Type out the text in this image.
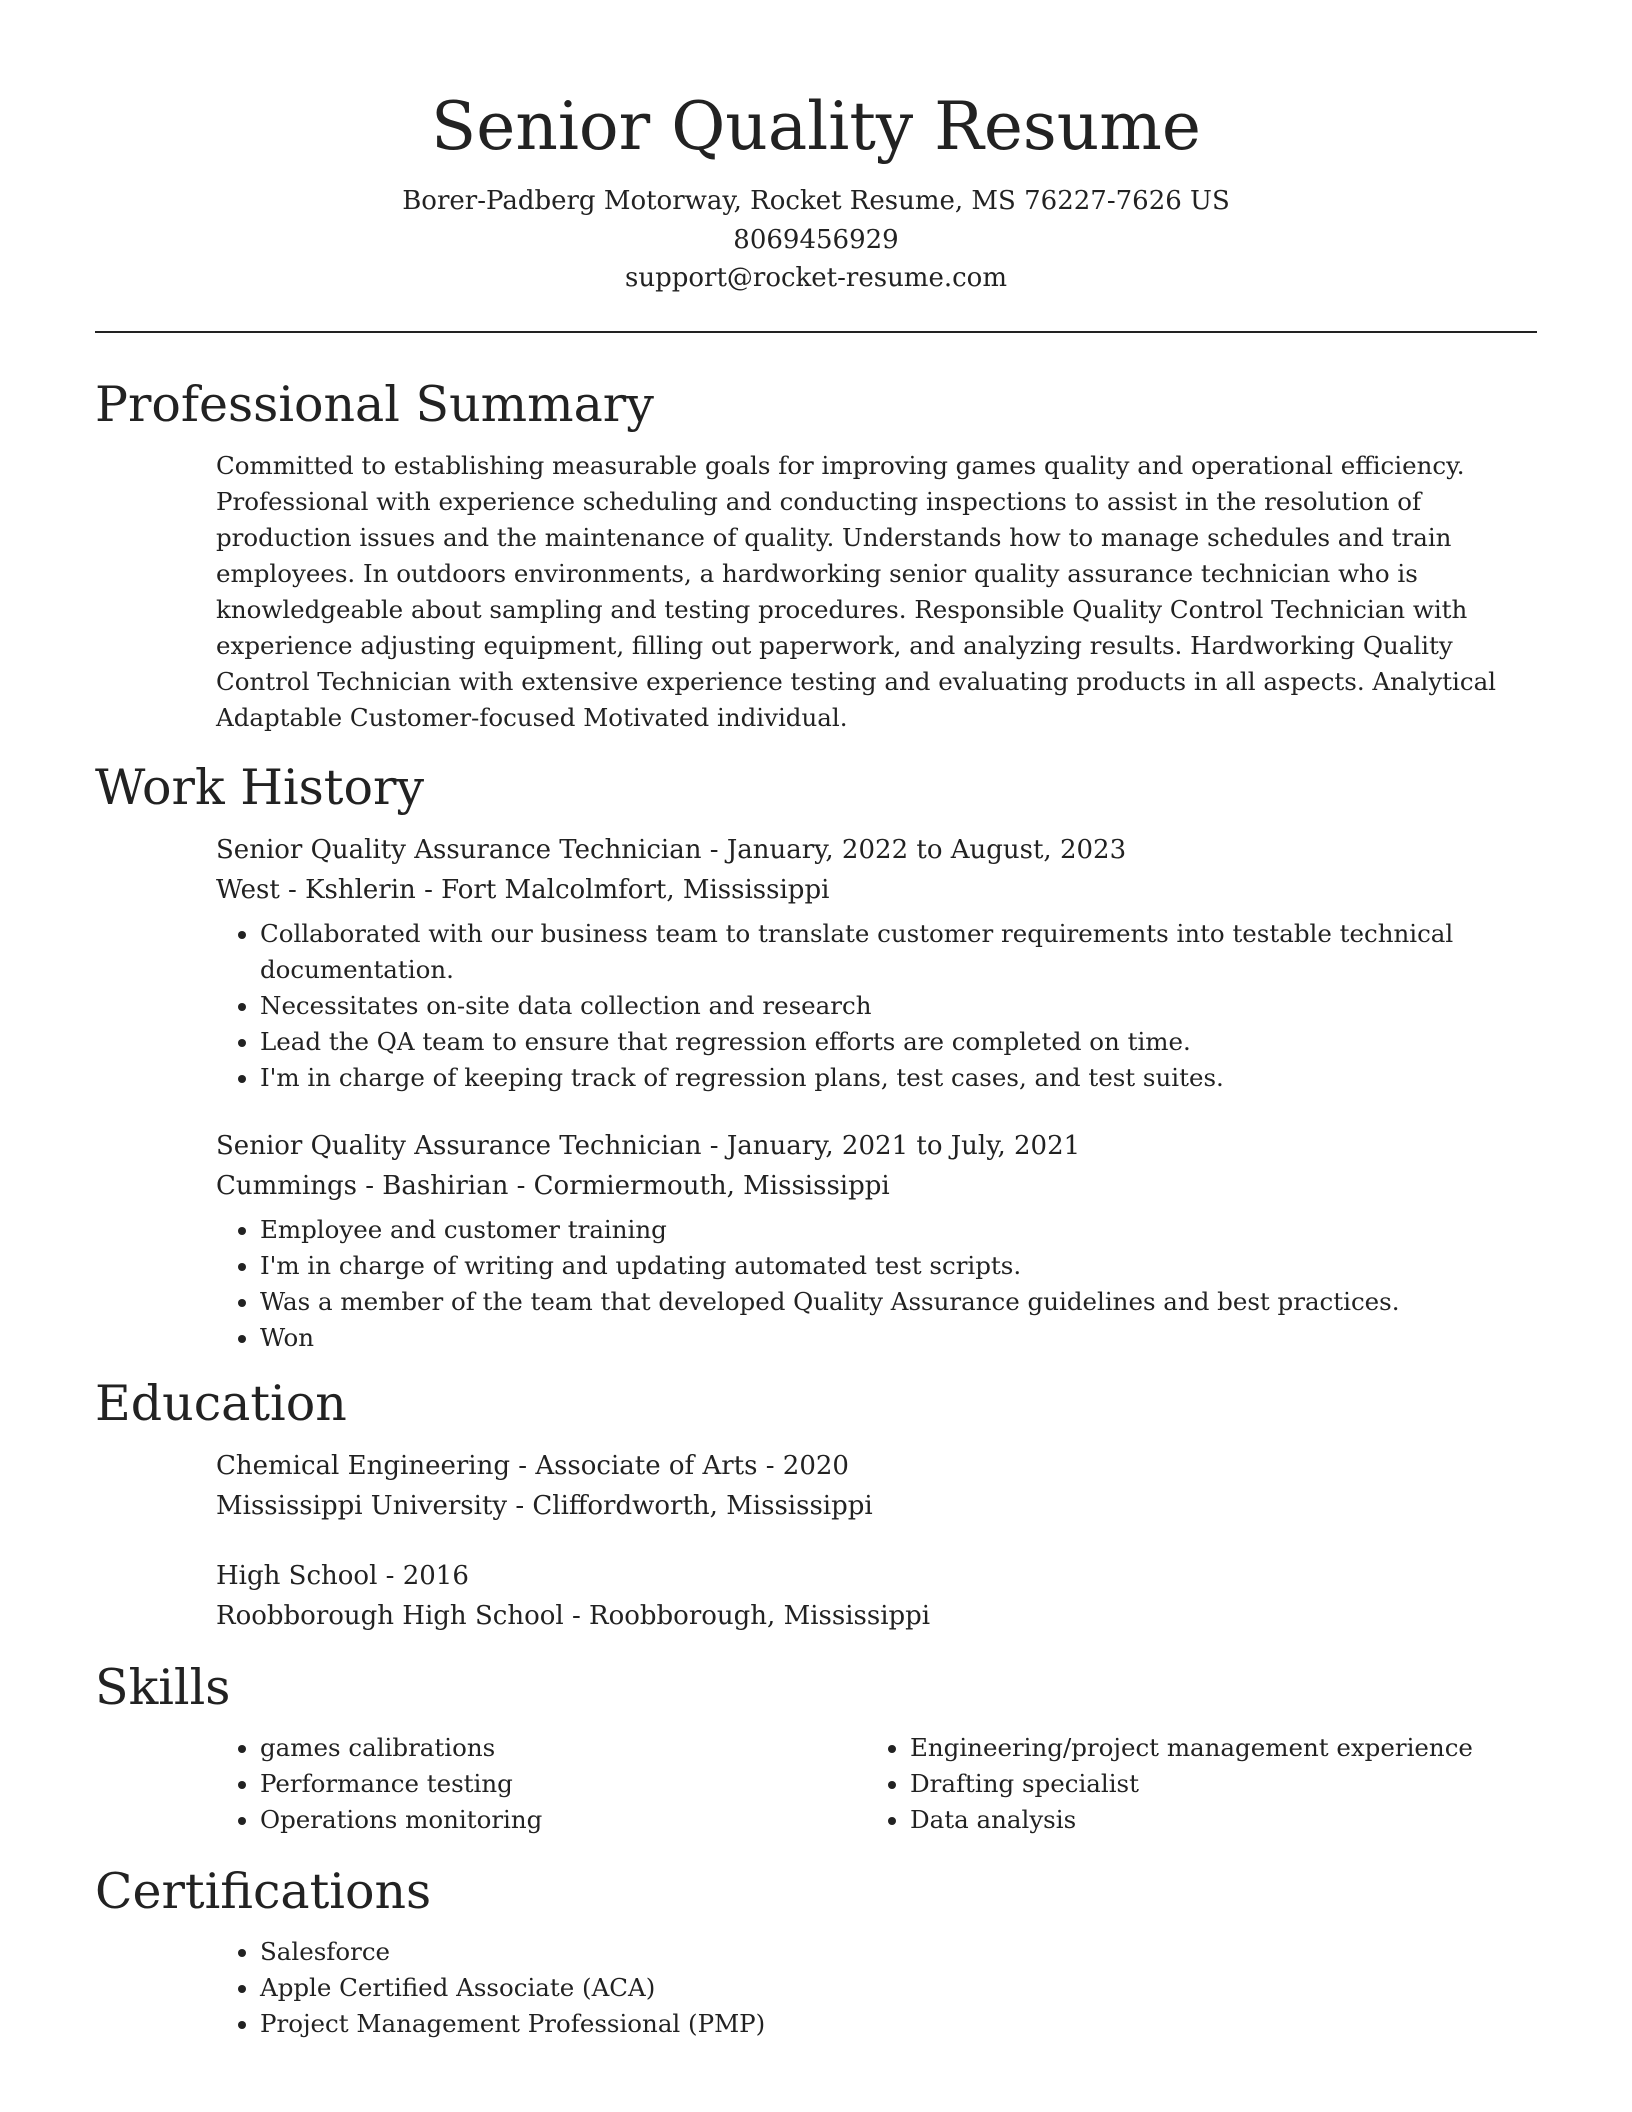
Senior Quality Resume
Borer-Padberg Motorway, Rocket Resume, MS 76227-7626 US
8069456929
support@rocket-resume.com
Professional Summary

Committed to establishing measurable goals for improving games quality and operational efficiency. Professional with experience scheduling and conducting inspections to assist in the resolution of production issues and the maintenance of quality. Understands how to manage schedules and train employees. In outdoors environments, a hardworking senior quality assurance technician who is knowledgeable about sampling and testing procedures. Responsible Quality Control Technician with experience adjusting equipment, filling out paperwork, and analyzing results. Hardworking Quality Control Technician with extensive experience testing and evaluating products in all aspects. Analytical Adaptable Customer-focused Motivated individual.

Work History
Senior Quality Assurance Technician - January, 2022 to August, 2023
West - Kshlerin - Fort Malcolmfort, Mississippi
• Collaborated with our business team to translate customer requirements into testable technical documentation.
• Necessitates on-site data collection and research
• Lead the QA team to ensure that regression efforts are completed on time.
• I'm in charge of keeping track of regression plans, test cases, and test suites.
Senior Quality Assurance Technician - January, 2021 to July, 2021
Cummings - Bashirian - Cormiermouth, Mississippi
• Employee and customer training
• I'm in charge of writing and updating automated test scripts.
• Was a member of the team that developed Quality Assurance guidelines and best practices.
• Won
Education
Chemical Engineering - Associate of Arts - 2020
Mississippi University - Cliffordworth, Mississippi
High School - 2016
Roobborough High School - Roobborough, Mississippi
Skills
• games calibrations
• Performance testing
• Operations monitoring
• Engineering/project management experience
• Drafting specialist
• Data analysis
Certifications
• Salesforce
• Apple Certified Associate (ACA)
• Project Management Professional (PMP)
